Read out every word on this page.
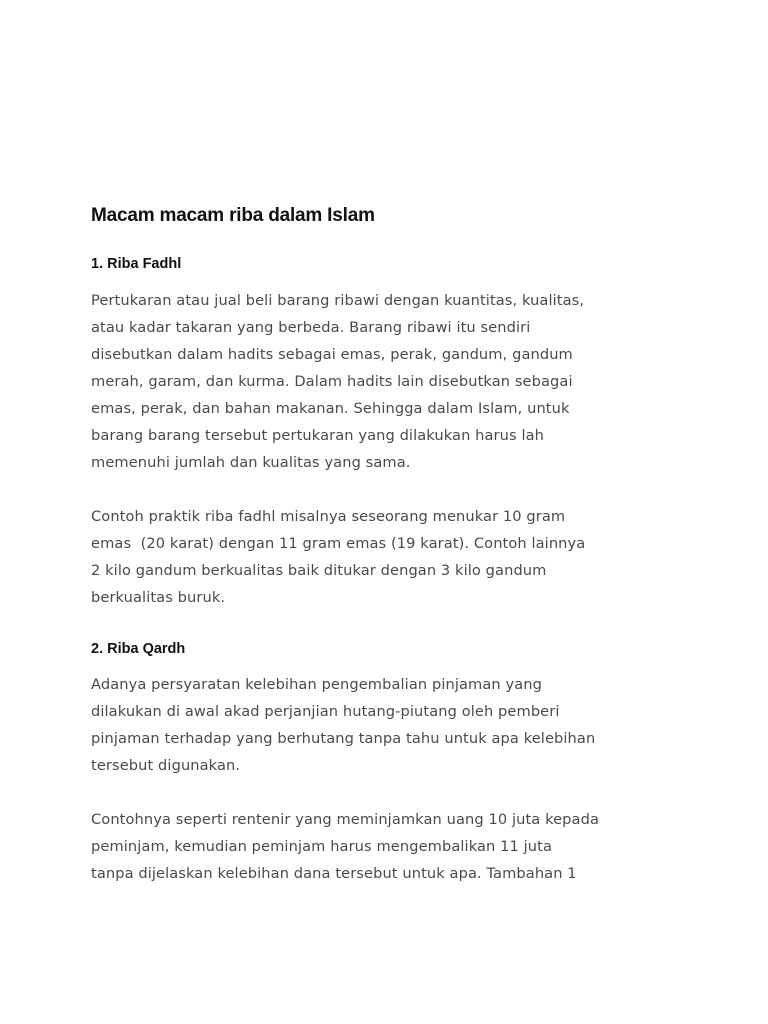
Macam macam riba dalam Islam
1. Riba Fadhl

Pertukaran atau jual beli barang ribawi dengan kuantitas, kualitas,
atau kadar takaran yang berbeda. Barang ribawi itu sendiri
disebutkan dalam hadits sebagai emas, perak, gandum, gandum
merah, garam, dan kurma. Dalam hadits lain disebutkan sebagai
emas, perak, dan bahan makanan. Sehingga dalam Islam, untuk
barang barang tersebut pertukaran yang dilakukan harus lah
memenuhi jumlah dan kualitas yang sama.

Contoh praktik riba fadhl misalnya seseorang menukar 10 gram
emas  (20 karat) dengan 11 gram emas (19 karat). Contoh lainnya
2 kilo gandum berkualitas baik ditukar dengan 3 kilo gandum
berkualitas buruk.

2. Riba Qardh

Adanya persyaratan kelebihan pengembalian pinjaman yang
dilakukan di awal akad perjanjian hutang-piutang oleh pemberi
pinjaman terhadap yang berhutang tanpa tahu untuk apa kelebihan
tersebut digunakan.

Contohnya seperti rentenir yang meminjamkan uang 10 juta kepada
peminjam, kemudian peminjam harus mengembalikan 11 juta
tanpa dijelaskan kelebihan dana tersebut untuk apa. Tambahan 1
